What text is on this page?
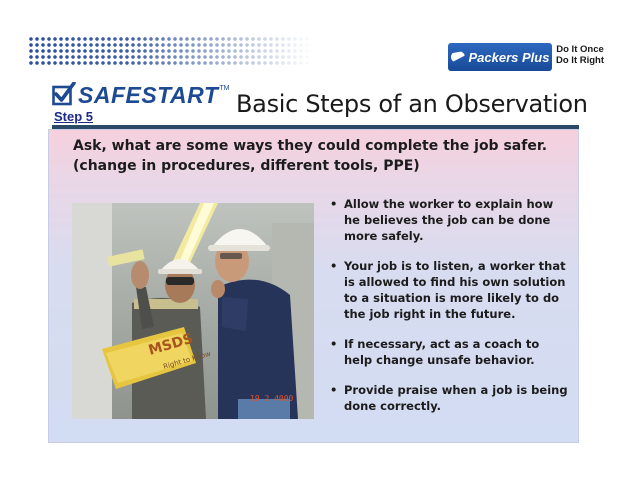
Packers Plus Do It Once
Do It Right
SAFESTART TM
Step 5	Basic Steps of an Observation

Ask, what are some ways they could complete the job safer. (change in procedures, different tools, PPE)

MSDS
Right to Know
19 2 4000
• Allow the worker to explain how he believes the job can be done more safely.
• Your job is to listen, a worker that is allowed to find his own solution to a situation is more likely to do the job right in the future.
• If necessary, act as a coach to help change unsafe behavior.
• Provide praise when a job is being done correctly.
